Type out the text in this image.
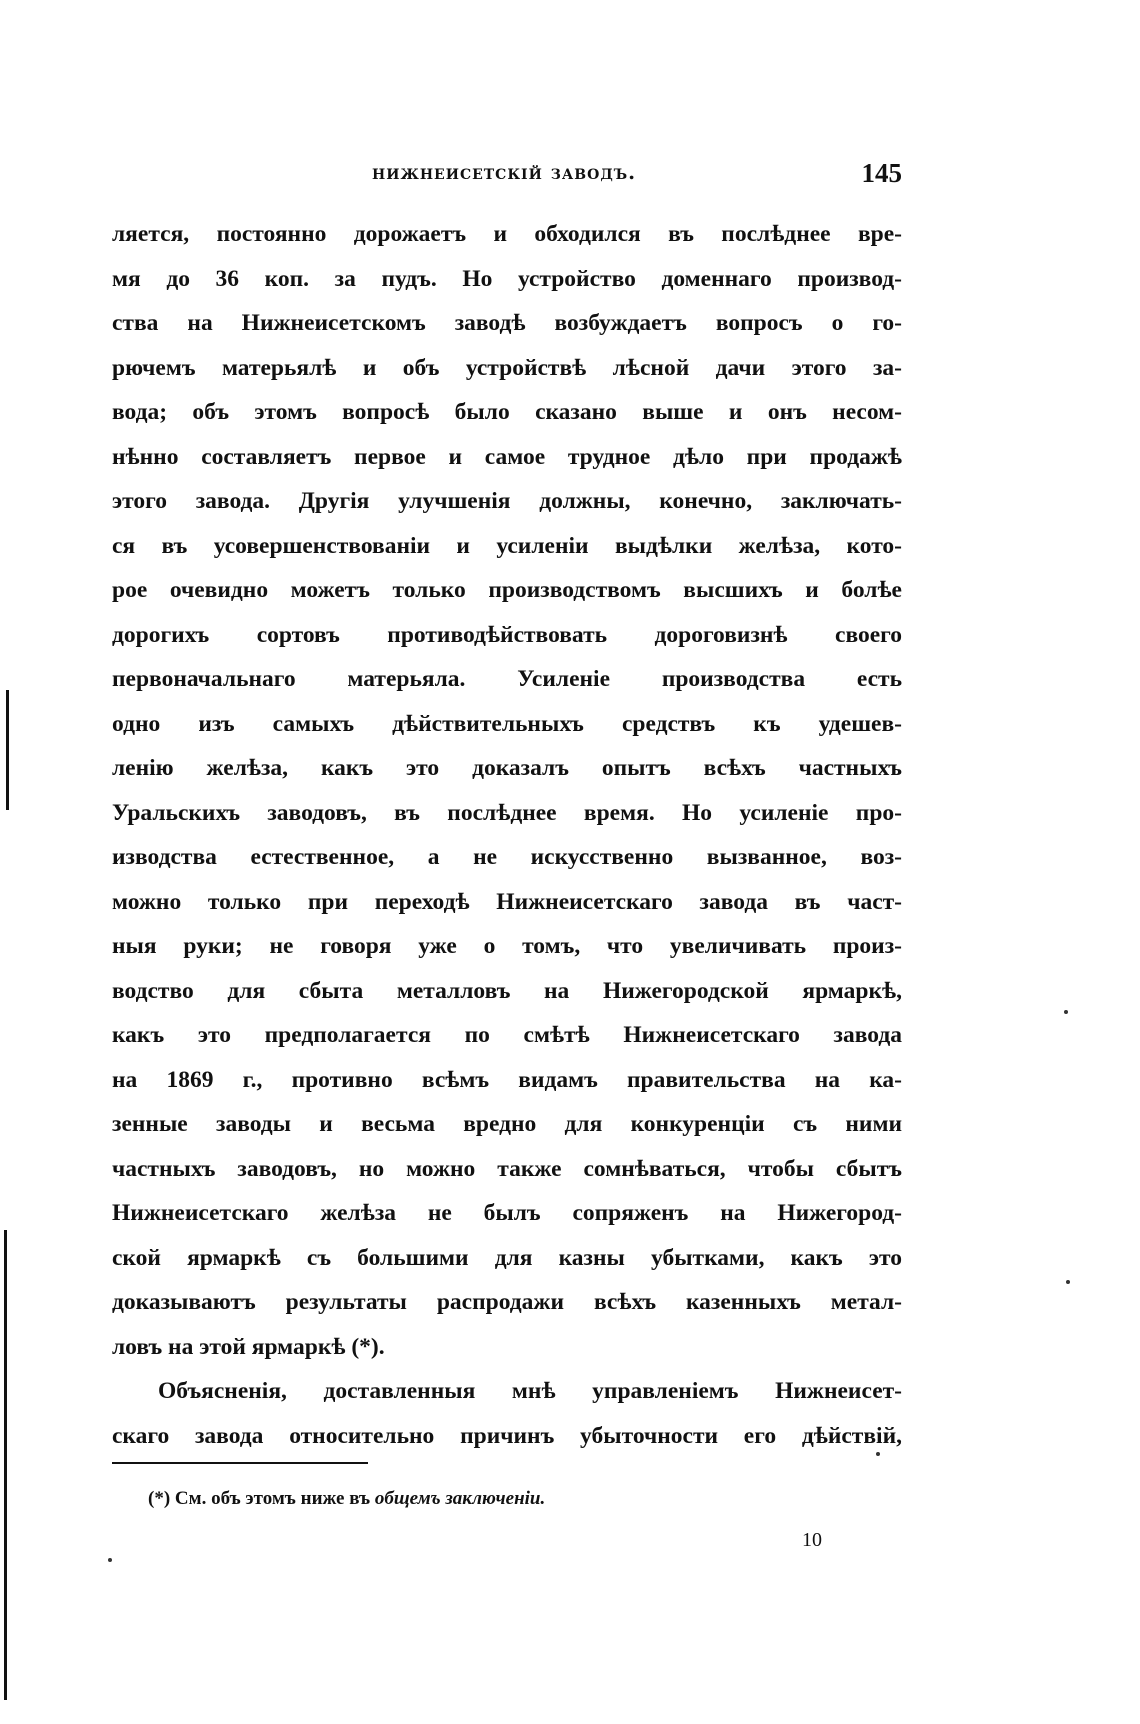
нижнеисетскій заводъ.	145
ляется, постоянно дорожаетъ и обходился въ послѣднее вре-
мя до 36 коп. за пудъ. Но устройство доменнаго производ-
ства на Нижнеисетскомъ заводѣ возбуждаетъ вопросъ о го-
рючемъ матерьялѣ и объ устройствѣ лѣсной дачи этого за-
вода; объ этомъ вопросѣ было сказано выше и онъ несом-
нѣнно составляетъ первое и самое трудное дѣло при продажѣ
этого завода. Другія улучшенія должны, конечно, заключать-
ся въ усовершенствованіи и усиленіи выдѣлки желѣза, кото-
рое очевидно можетъ только производствомъ высшихъ и болѣе
дорогихъ сортовъ противодѣйствовать дороговизнѣ своего
первоначальнаго матерьяла. Усиленіе производства есть
одно изъ самыхъ дѣйствительныхъ средствъ къ удешев-
ленію желѣза, какъ это доказалъ опытъ всѣхъ частныхъ
Уральскихъ заводовъ, въ послѣднее время. Но усиленіе про-
изводства естественное, а не искусственно вызванное, воз-
можно только при переходѣ Нижнеисетскаго завода въ част-
ныя руки; не говоря уже о томъ, что увеличивать произ-
водство для сбыта металловъ на Нижегородской ярмаркѣ,
какъ это предполагается по смѣтѣ Нижнеисетскаго завода
на 1869 г., противно всѣмъ видамъ правительства на ка-
зенные заводы и весьма вредно для конкуренціи съ ними
частныхъ заводовъ, но можно также сомнѣваться, чтобы сбытъ
Нижнеисетскаго желѣза не былъ сопряженъ на Нижегород-
ской ярмаркѣ съ большими для казны убытками, какъ это
доказываютъ результаты распродажи всѣхъ казенныхъ метал-
ловъ на этой ярмаркѣ (*).
Объясненія, доставленныя мнѣ управленіемъ Нижнеисет-
скаго завода относительно причинъ убыточности его дѣйствій,
(*) См. объ этомъ ниже въ общемъ заключеніи.
10
